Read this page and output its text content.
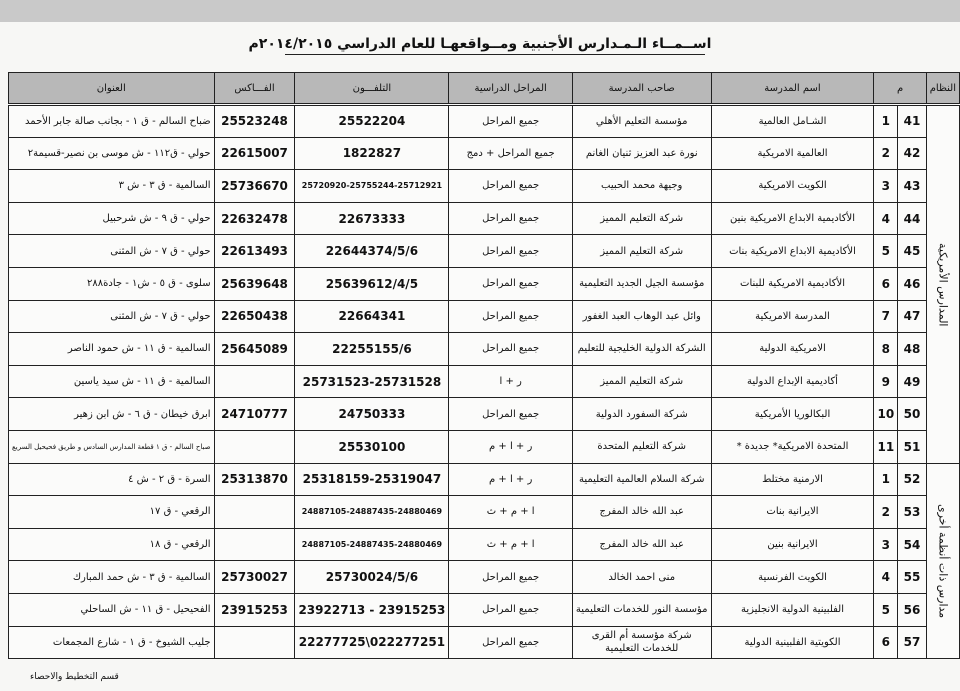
اســمــاء الـمـدارس الأجنبية ومــواقعهـا للعام الدراسي ٢٠١٤/٢٠١٥م
النظام	م		اسم المدرسة	صاحب المدرسة	المراحل الدراسية	التلفـــون	الفـــاكس	العنوان
المدارس الأمريكية	41	1	الشـامل العالمية	مؤسسة التعليم الأهلي	جميع المراحل	25522204	25523248	ضباح السالم - ق ١ - بجانب صالة جابر الأحمد
	42	2	العالمية الامريكية	نورة عبد العزيز ثنيان الغانم	جميع المراحل + دمج	1822827	22615007	حولي - ق١١٢ - ش موسى بن نصير-قسيمة٢
	43	3	الكويت الامريكية	وجيهة محمد الحبيب	جميع المراحل	25720920-25755244-25712921	25736670	السالمية - ق ٣ - ش ٣
	44	4	الأكاديمية الابداع الامريكية بنين	شركة التعليم المميز	جميع المراحل	22673333	22632478	حولي - ق ٩ - ش شرحبيل
	45	5	الأكاديمية الابداع الامريكية بنات	شركة التعليم المميز	جميع المراحل	22644374/5/6	22613493	حولي - ق ٧ - ش المثنى
	46	6	الأكاديمية الامريكية للبنات	مؤسسة الجيل الجديد التعليمية	جميع المراحل	25639612/4/5	25639648	سلوى - ق ٥ - ش١ - جادة٢٨٨
	47	7	المدرسة الامريكية	وائل عبد الوهاب العبد الغفور	جميع المراحل	22664341	22650438	حولي - ق ٧ - ش المثنى
	48	8	الامريكية الدولية	الشركة الدولية الخليجية للتعليم	جميع المراحل	22255155/6	25645089	السالمية - ق ١١ - ش حمود الناصر
	49	9	أكاديمية الإبداع الدولية	شركة التعليم المميز	ر + ا	25731523-25731528		السالمية - ق ١١ - ش سيد ياسين
	50	10	البكالوريا الأمريكية	شركة السفورد الدولية	جميع المراحل	24750333	24710777	ابرق خيطان - ق ٦ - ش ابن زهير
	51	11	المتحدة الامريكية* جديدة *	شركة التعليم المتحدة	ر + ا + م	25530100		صباح السالم - ق ١ قطعة المدارس السادس و طريق فحيحيل السريع
مدارس ذات أنظمة أخرى	52	1	الارمنية مختلط	شركة السلام العالمية التعليمية	ر + ا + م	25318159-25319047	25313870	السرة - ق ٢ - ش ٤
	53	2	الايرانية بنات	عبد الله خالد المفرج	ا + م + ث	24887105-24887435-24880469		الرقعي - ق ١٧
	54	3	الايرانية بنين	عبد الله خالد المفرج	ا + م + ث	24887105-24887435-24880469		الرقعي - ق ١٨
	55	4	الكويت الفرنسية	منى احمد الخالد	جميع المراحل	25730024/5/6	25730027	السالمية - ق ٣ - ش حمد المبارك
	56	5	الفلبينية الدولية الانجليزية	مؤسسة النور للخدمات التعليمية	جميع المراحل	23922713 - 23915253	23915253	الفحيحيل - ق ١١ - ش الساحلي
	57	6	الكويتية الفلبينية الدولية	شركة مؤسسة أم القرى للخدمات التعليمية	جميع المراحل	22277725\022277251		جليب الشيوخ - ق ١ - شارع المجمعات
قسم التخطيط والاحصاء
